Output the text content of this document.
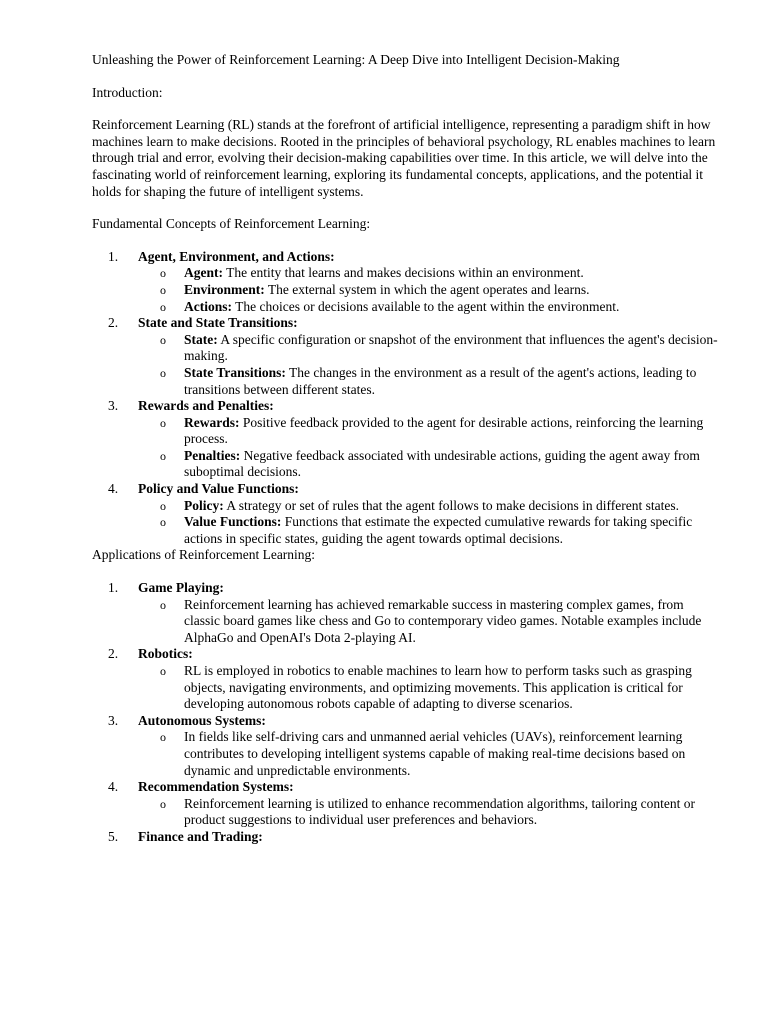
Unleashing the Power of Reinforcement Learning: A Deep Dive into Intelligent Decision-Making

Introduction:

Reinforcement Learning (RL) stands at the forefront of artificial intelligence, representing a paradigm shift in how machines learn to make decisions. Rooted in the principles of behavioral psychology, RL enables machines to learn through trial and error, evolving their decision-making capabilities over time. In this article, we will delve into the fascinating world of reinforcement learning, exploring its fundamental concepts, applications, and the potential it holds for shaping the future of intelligent systems.

Fundamental Concepts of Reinforcement Learning:

1.	Agent, Environment, and Actions:
o Agent: The entity that learns and makes decisions within an environment.
o Environment: The external system in which the agent operates and learns.
o Actions: The choices or decisions available to the agent within the environment.
2.	State and State Transitions:
o State: A specific configuration or snapshot of the environment that influences the agent's decision-making.
o State Transitions: The changes in the environment as a result of the agent's actions, leading to transitions between different states.
3.	Rewards and Penalties:
o Rewards: Positive feedback provided to the agent for desirable actions, reinforcing the learning process.
o Penalties: Negative feedback associated with undesirable actions, guiding the agent away from suboptimal decisions.
4.	Policy and Value Functions:
o Policy: A strategy or set of rules that the agent follows to make decisions in different states.
o Value Functions: Functions that estimate the expected cumulative rewards for taking specific actions in specific states, guiding the agent towards optimal decisions.

Applications of Reinforcement Learning:

1.	Game Playing:
o Reinforcement learning has achieved remarkable success in mastering complex games, from classic board games like chess and Go to contemporary video games. Notable examples include AlphaGo and OpenAI's Dota 2-playing AI.
2.	Robotics:
o RL is employed in robotics to enable machines to learn how to perform tasks such as grasping objects, navigating environments, and optimizing movements. This application is critical for developing autonomous robots capable of adapting to diverse scenarios.
3.	Autonomous Systems:
o In fields like self-driving cars and unmanned aerial vehicles (UAVs), reinforcement learning contributes to developing intelligent systems capable of making real-time decisions based on dynamic and unpredictable environments.
4.	Recommendation Systems:
o Reinforcement learning is utilized to enhance recommendation algorithms, tailoring content or product suggestions to individual user preferences and behaviors.
5.	Finance and Trading:
